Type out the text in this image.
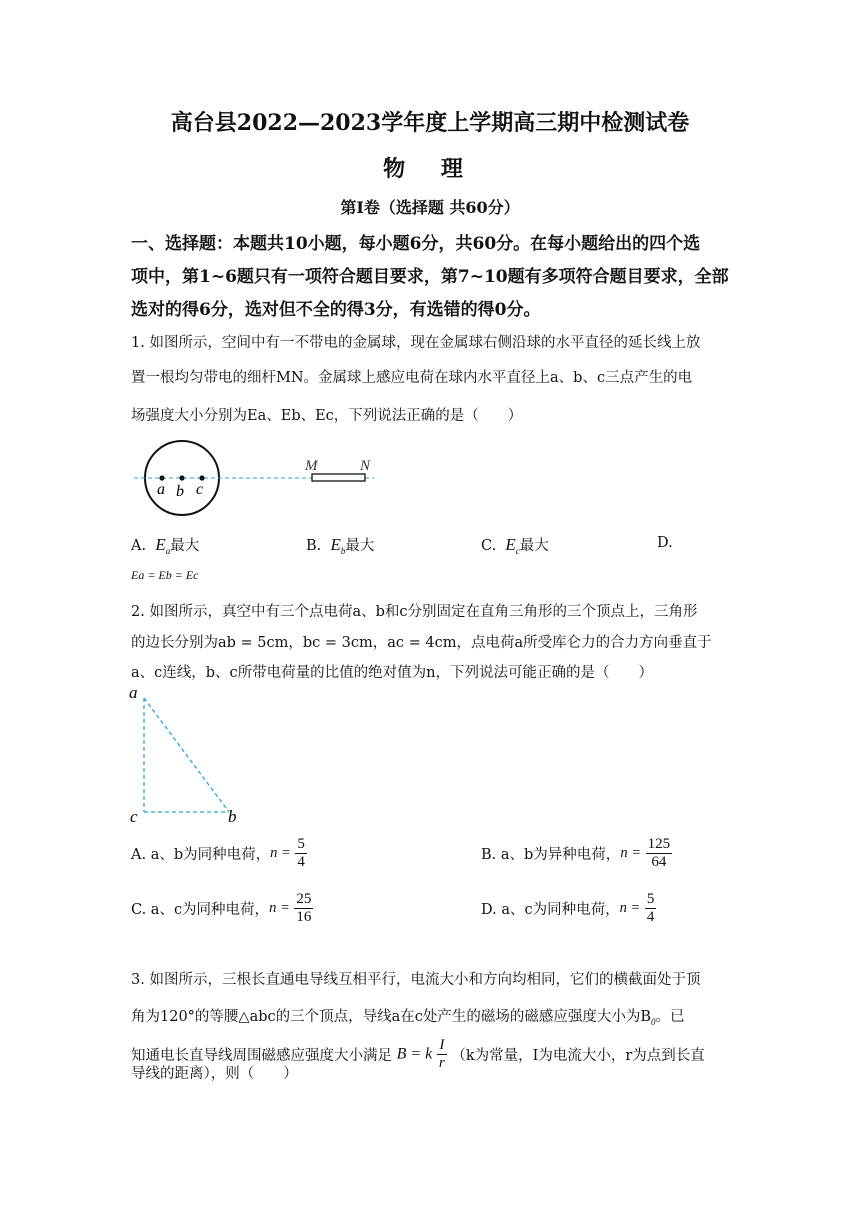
高台县2022—2023学年度上学期高三期中检测试卷
物 理
第Ⅰ卷（选择题 共60分）
一、选择题：本题共10小题，每小题6分，共60分。在每小题给出的四个选
项中，第1~6题只有一项符合题目要求，第7~10题有多项符合题目要求，全部
选对的得6分，选对但不全的得3分，有选错的得0分。
1. 如图所示，空间中有一不带电的金属球，现在金属球右侧沿球的水平直径的延长线上放
置一根均匀带电的细杆MN。金属球上感应电荷在球内水平直径上a、b、c三点产生的电
场强度大小分别为Ea、Eb、Ec，下列说法正确的是（　　）
a b c
M	N
A. $E_a$最大	B. $E_b$最大	C. $E_c$最大	D.
Ea = Eb = Ec
2. 如图所示，真空中有三个点电荷a、b和c分别固定在直角三角形的三个顶点上，三角形
的边长分别为ab = 5cm，bc = 3cm，ac = 4cm，点电荷a所受库仑力的合力方向垂直于
a、c连线，b、c所带电荷量的比值的绝对值为n，下列说法可能正确的是（　　）
a
c	b
A. a、b为同种电荷，$n = \frac{5}{4}$	B. a、b为异种电荷，$n = \frac{125}{64}$
C. a、c为同种电荷，$n = \frac{25}{16}$	D. a、c为同种电荷，$n = \frac{5}{4}$
3. 如图所示，三根长直通电导线互相平行，电流大小和方向均相同，它们的横截面处于顶
角为120°的等腰△abc的三个顶点，导线a在c处产生的磁场的磁感应强度大小为$B_0$。已
知通电长直导线周围磁感应强度大小满足 B = k $\frac{I}{r} (k$为常量，I为电流大小，r为点到长直
导线的距离），则（　　）
